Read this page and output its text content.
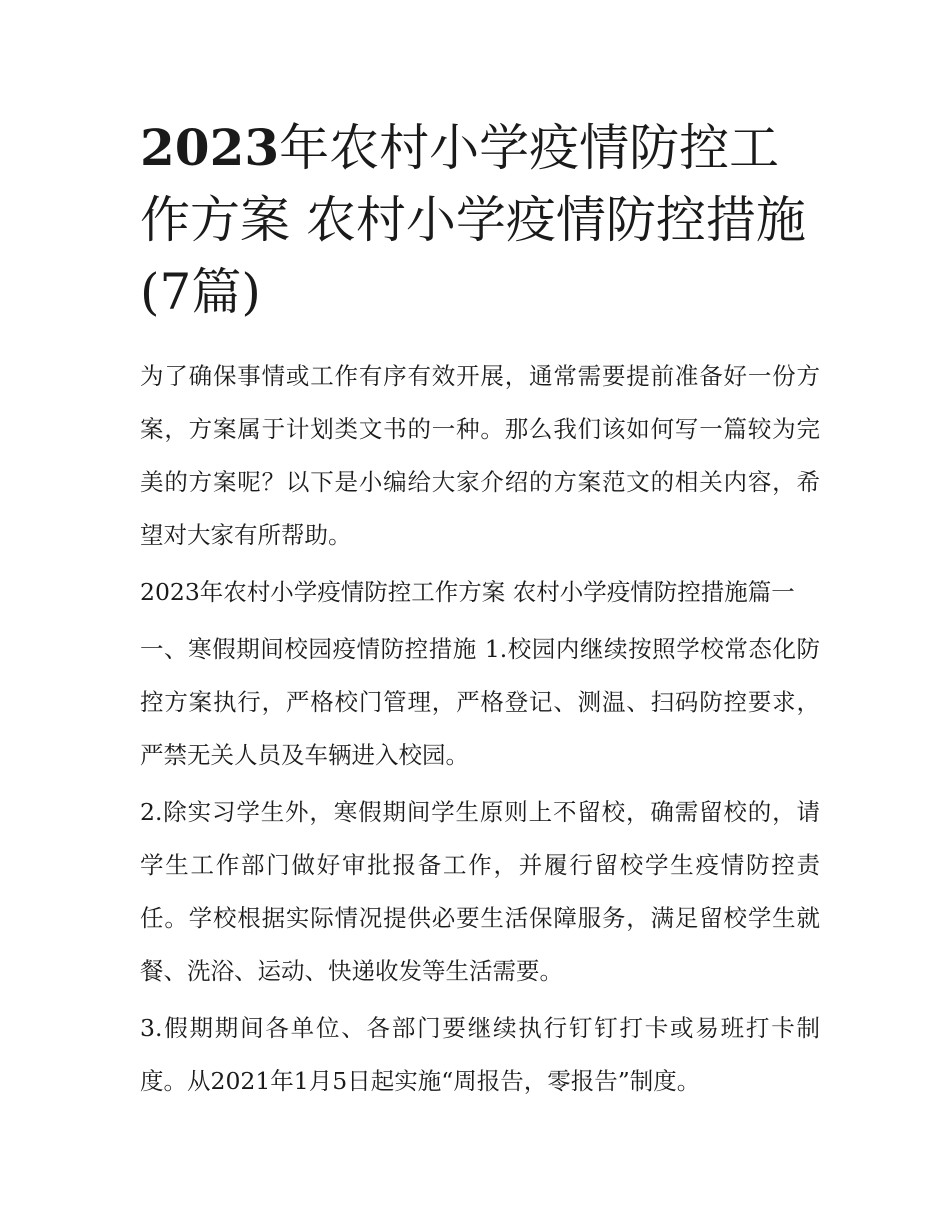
2023年农村小学疫情防控工作方案 农村小学疫情防控措施(7篇)

为了确保事情或工作有序有效开展，通常需要提前准备好一份方案，方案属于计划类文书的一种。那么我们该如何写一篇较为完美的方案呢？以下是小编给大家介绍的方案范文的相关内容，希望对大家有所帮助。

2023年农村小学疫情防控工作方案 农村小学疫情防控措施篇一

一、寒假期间校园疫情防控措施 1.校园内继续按照学校常态化防控方案执行，严格校门管理，严格登记、测温、扫码防控要求，严禁无关人员及车辆进入校园。

2.除实习学生外，寒假期间学生原则上不留校，确需留校的，请学生工作部门做好审批报备工作，并履行留校学生疫情防控责任。学校根据实际情况提供必要生活保障服务，满足留校学生就餐、洗浴、运动、快递收发等生活需要。

3.假期期间各单位、各部门要继续执行钉钉打卡或易班打卡制度。从2021年1月5日起实施“周报告，零报告”制度。
